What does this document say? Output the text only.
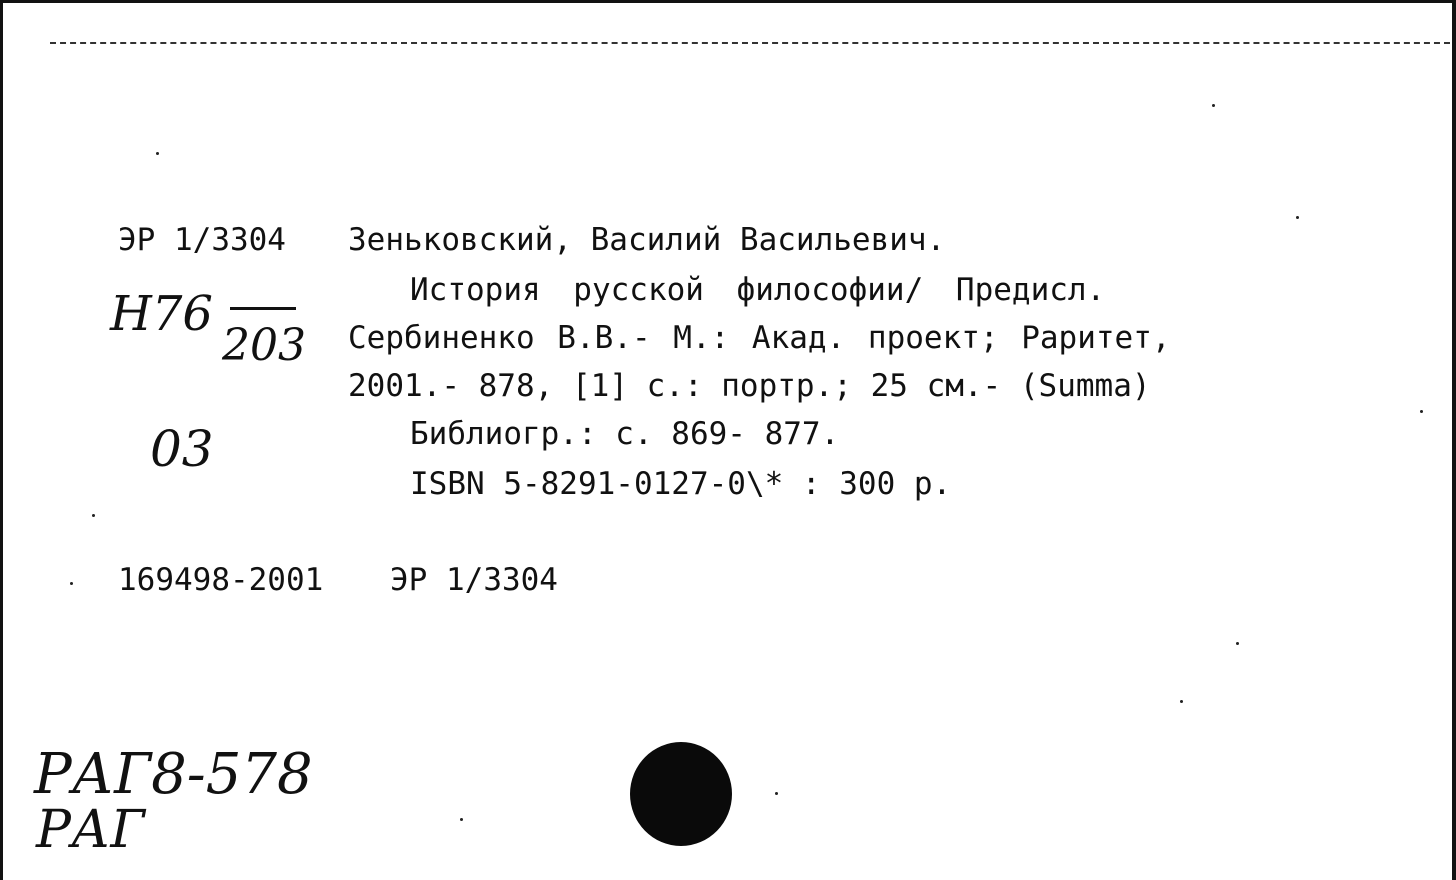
ЭР 1/3304 Зеньковский, Василий Васильевич.
История русской философии/ Предисл.
Сербиненко В.В.- М.: Акад. проект; Раритет,
2001.- 878, [1] с.: портр.; 25 см.- (Summa)
Библиогр.: с. 869- 877.
ISBN 5-8291-0127-0\* : 300 р.
169498-2001 ЭР 1/3304
Н76
203
03
РАГ8-578
РАГ
